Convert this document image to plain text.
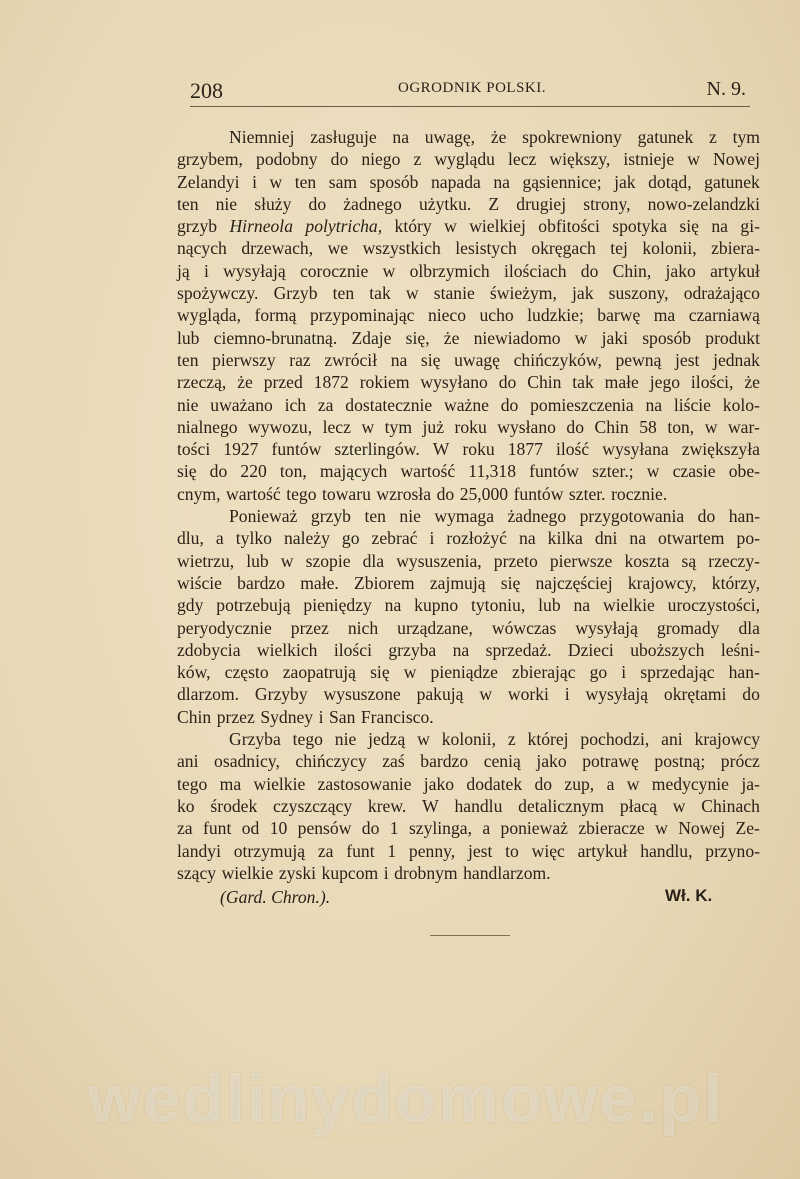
208	OGRODNIK POLSKI.	N. 9.
Niemniej zasługuje na uwagę, że spokrewniony gatunek z tym
grzybem, podobny do niego z wyglądu lecz większy, istnieje w Nowej
Zelandyi i w ten sam sposób napada na gąsiennice; jak dotąd, gatunek
ten nie służy do żadnego użytku. Z drugiej strony, nowo-zelandzki
grzyb Hirneola polytricha, który w wielkiej obfitości spotyka się na gi-
nących drzewach, we wszystkich lesistych okręgach tej kolonii, zbiera-
ją i wysyłają corocznie w olbrzymich ilościach do Chin, jako artykuł
spożywczy. Grzyb ten tak w stanie świeżym, jak suszony, odrażająco
wygląda, formą przypominając nieco ucho ludzkie; barwę ma czarniawą
lub ciemno-brunatną. Zdaje się, że niewiadomo w jaki sposób produkt
ten pierwszy raz zwrócił na się uwagę chińczyków, pewną jest jednak
rzeczą, że przed 1872 rokiem wysyłano do Chin tak małe jego ilości, że
nie uważano ich za dostatecznie ważne do pomieszczenia na liście kolo-
nialnego wywozu, lecz w tym już roku wysłano do Chin 58 ton, w war-
tości 1927 funtów szterlingów. W roku 1877 ilość wysyłana zwiększyła
się do 220 ton, mających wartość 11,318 funtów szter.; w czasie obe-
cnym, wartość tego towaru wzrosła do 25,000 funtów szter. rocznie.
Ponieważ grzyb ten nie wymaga żadnego przygotowania do han-
dlu, a tylko należy go zebrać i rozłożyć na kilka dni na otwartem po-
wietrzu, lub w szopie dla wysuszenia, przeto pierwsze koszta są rzeczy-
wiście bardzo małe. Zbiorem zajmują się najczęściej krajowcy, którzy,
gdy potrzebują pieniędzy na kupno tytoniu, lub na wielkie uroczystości,
peryodycznie przez nich urządzane, wówczas wysyłają gromady dla
zdobycia wielkich ilości grzyba na sprzedaż. Dzieci uboższych leśni-
ków, często zaopatrują się w pieniądze zbierając go i sprzedając han-
dlarzom. Grzyby wysuszone pakują w worki i wysyłają okrętami do
Chin przez Sydney i San Francisco.
Grzyba tego nie jedzą w kolonii, z której pochodzi, ani krajowcy
ani osadnicy, chińczycy zaś bardzo cenią jako potrawę postną; prócz
tego ma wielkie zastosowanie jako dodatek do zup, a w medycynie ja-
ko środek czyszczący krew. W handlu detalicznym płacą w Chinach
za funt od 10 pensów do 1 szylinga, a ponieważ zbieracze w Nowej Ze-
landyi otrzymują za funt 1 penny, jest to więc artykuł handlu, przyno-
szący wielkie zyski kupcom i drobnym handlarzom.
(Gard. Chron.).	Wł. K.
wedlinydomowe.pl
